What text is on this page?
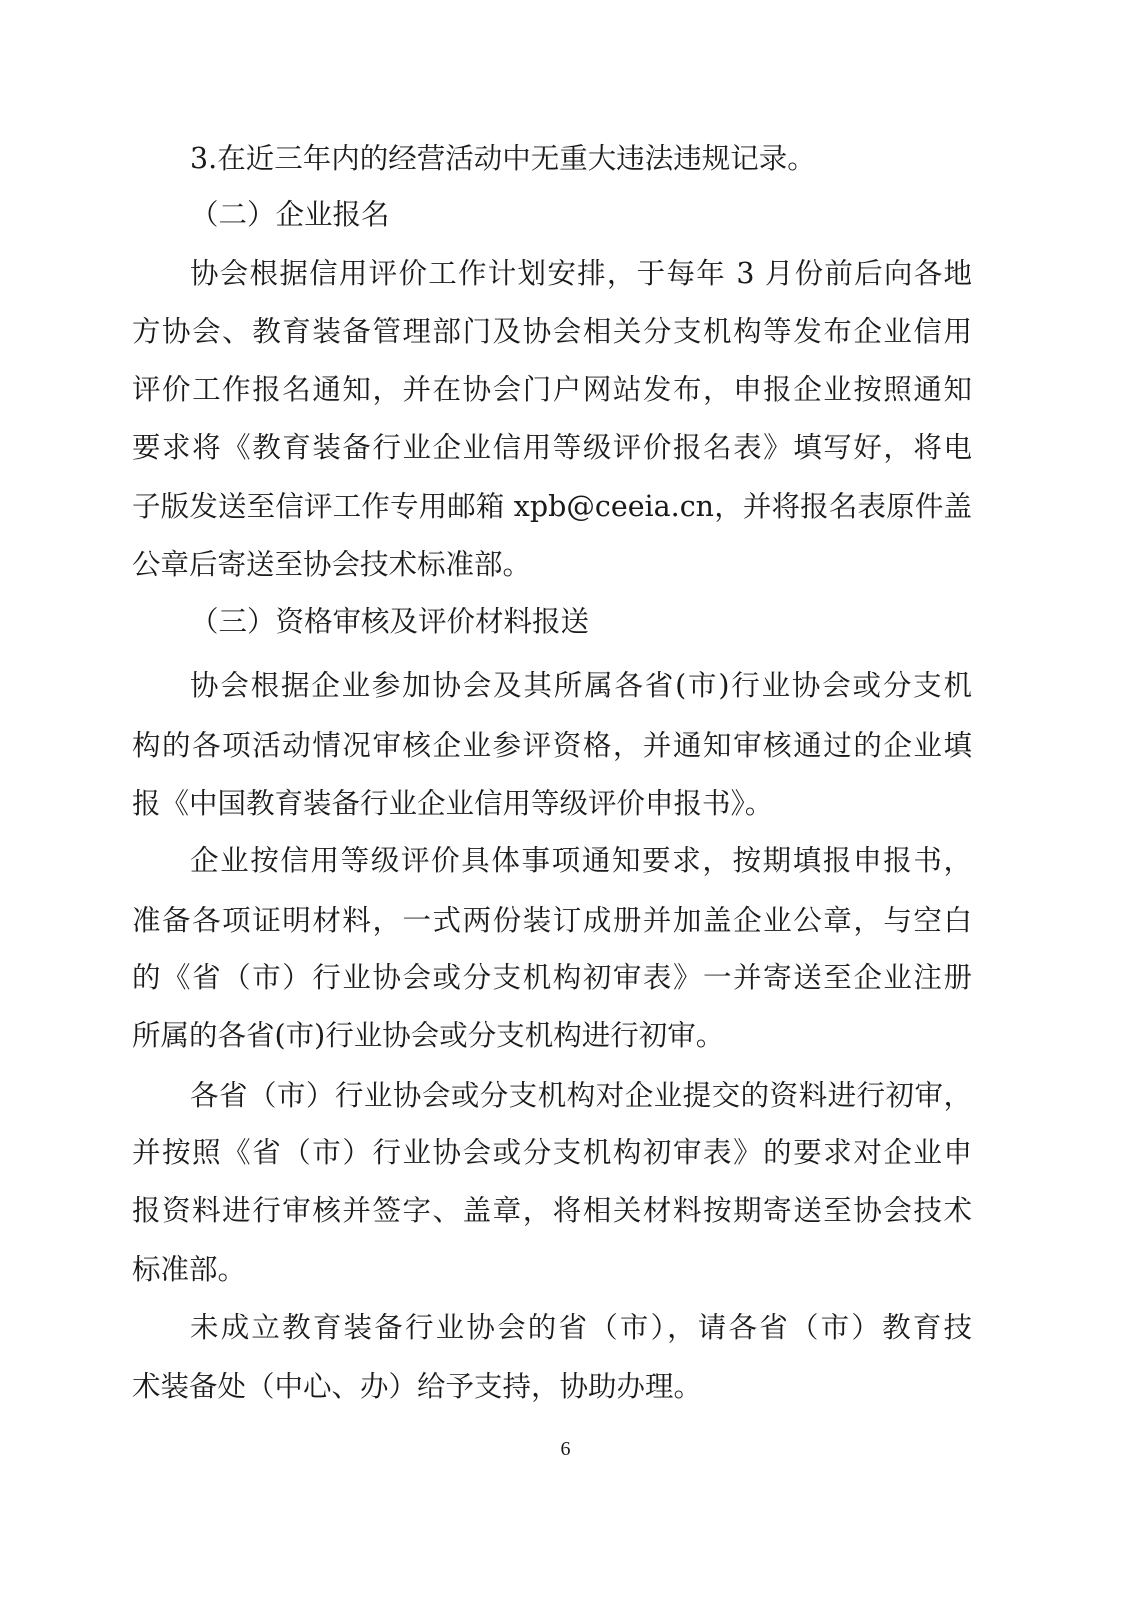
3.在近三年内的经营活动中无重大违法违规记录。
（二）企业报名
协会根据信用评价工作计划安排，于每年 3 月份前后向各地
方协会、教育装备管理部门及协会相关分支机构等发布企业信用
评价工作报名通知，并在协会门户网站发布，申报企业按照通知
要求将《教育装备行业企业信用等级评价报名表》填写好，将电
子版发送至信评工作专用邮箱 xpb@ceeia.cn，并将报名表原件盖
公章后寄送至协会技术标准部。
（三）资格审核及评价材料报送
协会根据企业参加协会及其所属各省(市)行业协会或分支机
构的各项活动情况审核企业参评资格，并通知审核通过的企业填
报《中国教育装备行业企业信用等级评价申报书》。
企业按信用等级评价具体事项通知要求，按期填报申报书，
准备各项证明材料，一式两份装订成册并加盖企业公章，与空白
的《省（市）行业协会或分支机构初审表》一并寄送至企业注册
所属的各省(市)行业协会或分支机构进行初审。
各省（市）行业协会或分支机构对企业提交的资料进行初审，
并按照《省（市）行业协会或分支机构初审表》的要求对企业申
报资料进行审核并签字、盖章，将相关材料按期寄送至协会技术
标准部。
未成立教育装备行业协会的省（市），请各省（市）教育技
术装备处（中心、办）给予支持，协助办理。
6
